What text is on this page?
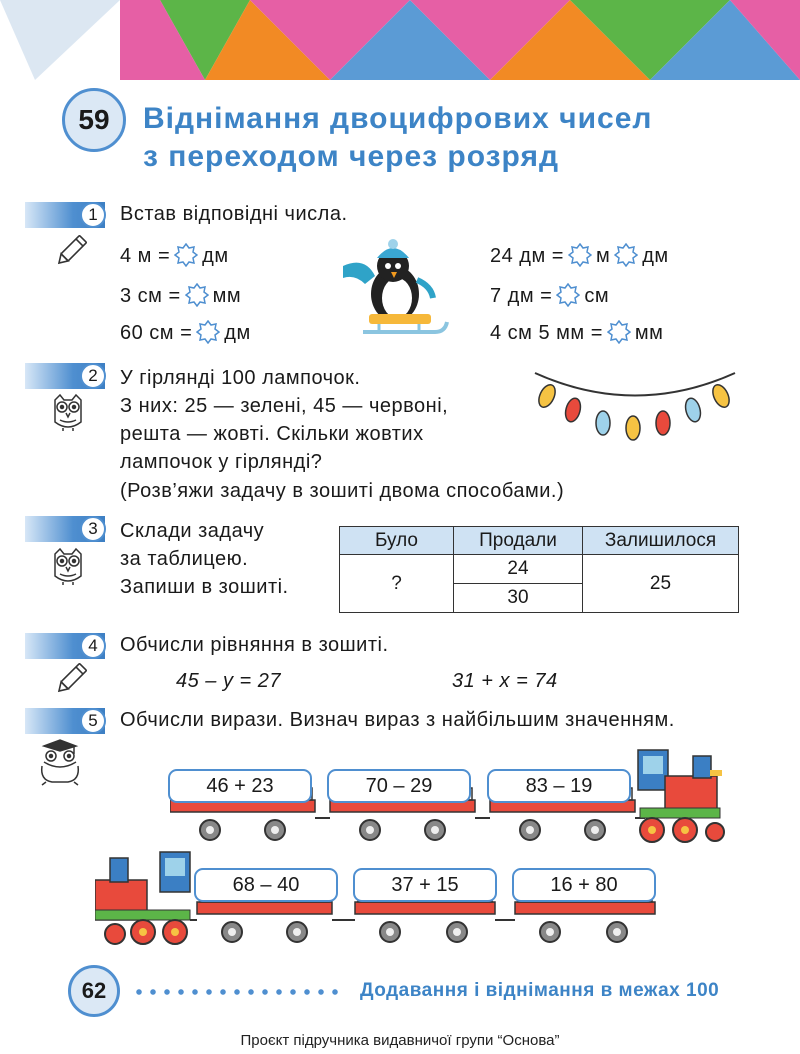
59 Віднімання двоцифрових чисел
з переходом через розряд
1	Встав відповідні числа.
4 м = дм
3 см = мм
60 см = дм
24 дм = м дм
7 дм = см
4 см 5 мм = мм
2	У гірлянді 100 лампочок.
З них: 25 — зелені, 45 — червоні,
решта — жовті. Скільки жовтих
лампочок у гірлянді?
(Розв’яжи задачу в зошиті двома способами.)
3	Склади задачу
за таблицею.
Запиши в зошиті.
Було	Продали	Залишилося
?	24	25
	30	
4	Обчисли рівняння в зошиті.
45 – y = 27	31 + x = 74
5	Обчисли вирази. Визнач вираз з найбільшим значенням.
46 + 23	70 – 29	83 – 19
68 – 40	37 + 15	16 + 80
62	Додавання і віднімання в межах 100
Проєкт підручника видавничої групи “Основа”
